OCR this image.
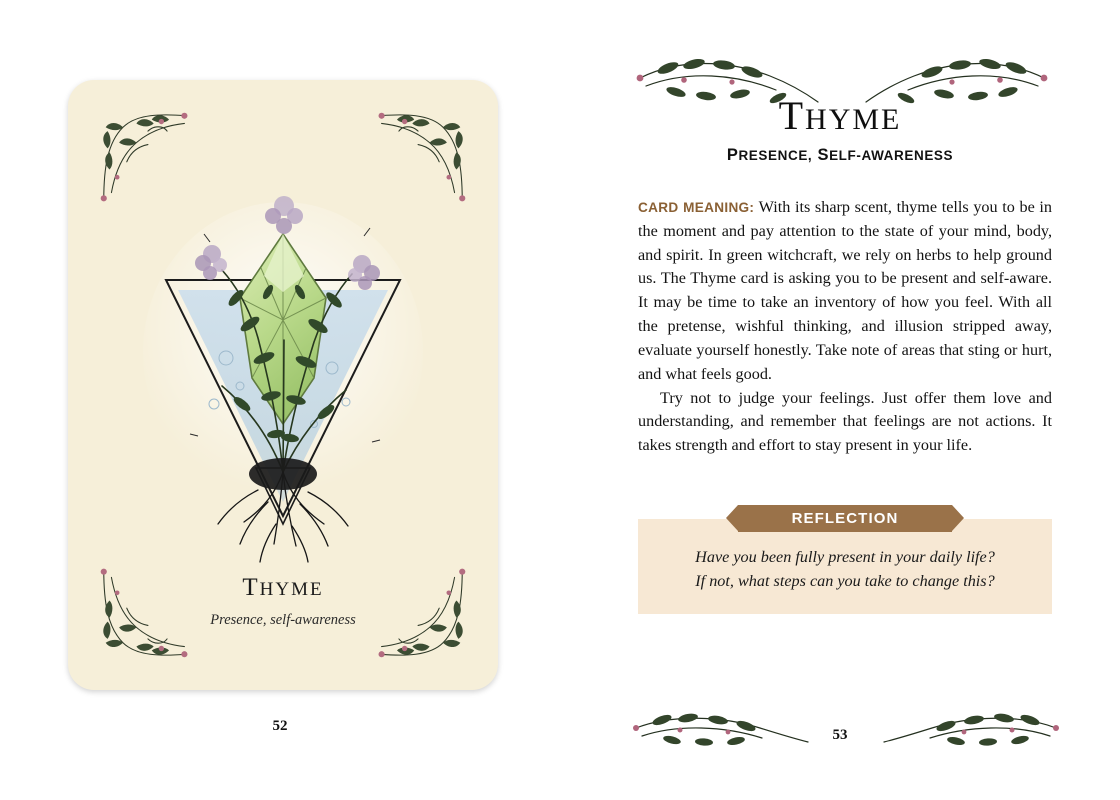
THYME
Presence, self-awareness
52
THYME
PRESENCE, SELF-AWARENESS

CARD MEANING: With its sharp scent, thyme tells you to be in the moment and pay attention to the state of your mind, body, and spirit. In green witchcraft, we rely on herbs to help ground us. The Thyme card is asking you to be present and self-aware. It may be time to take an inventory of how you feel. With all the pretense, wishful thinking, and illusion stripped away, evaluate yourself honestly. Take note of areas that sting or hurt, and what feels good.

Try not to judge your feelings. Just offer them love and understanding, and remember that feelings are not actions. It takes strength and effort to stay present in your life.

REFLECTION
Have you been fully present in your daily life?
If not, what steps can you take to change this?
53
